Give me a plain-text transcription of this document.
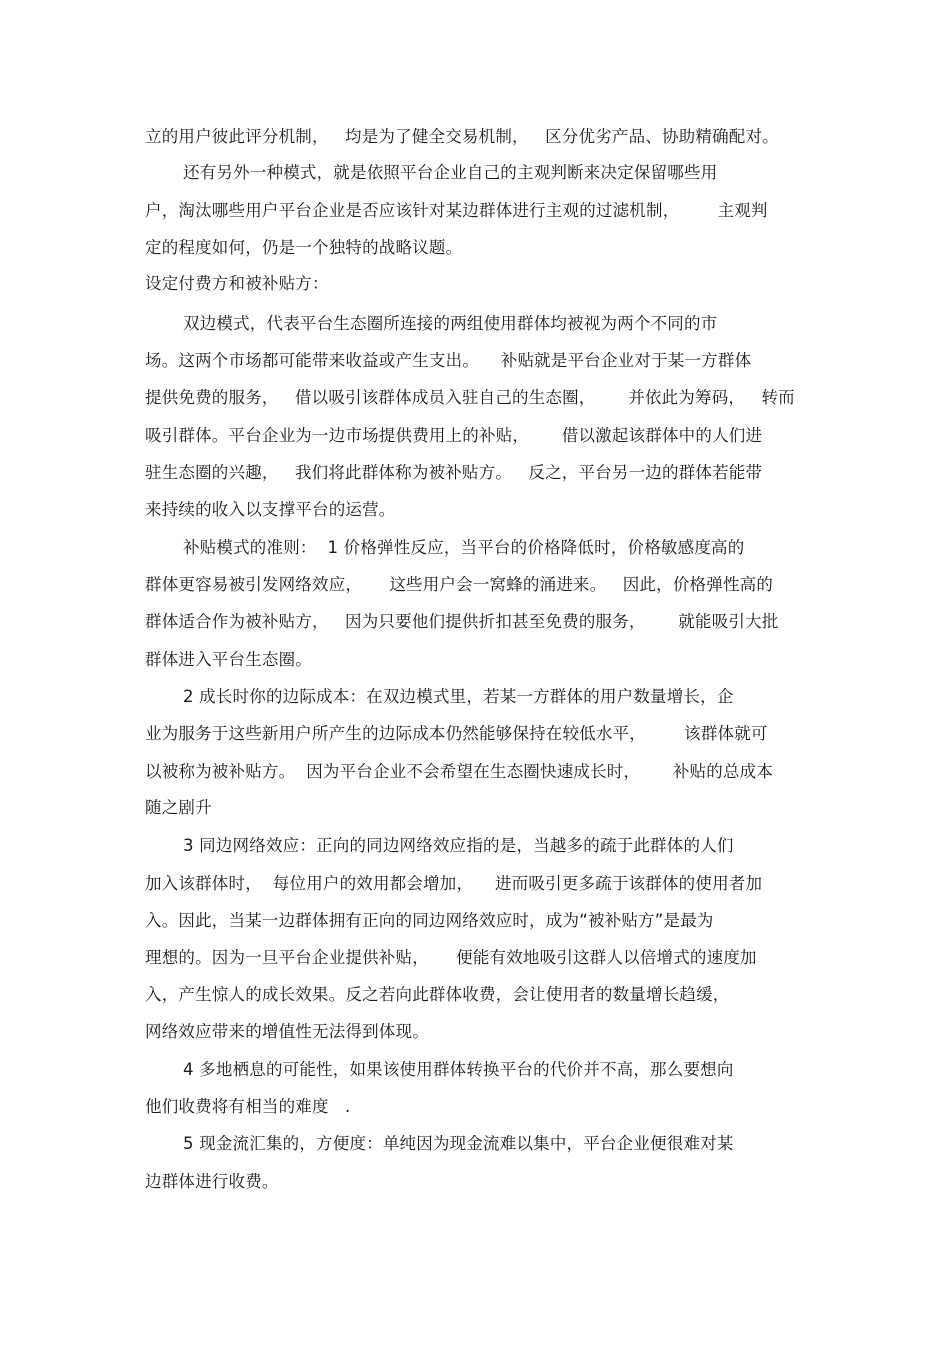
立的用户彼此评分机制，   均是为了健全交易机制，   区分优劣产品、协助精确配对。
还有另外一种模式，就是依照平台企业自己的主观判断来决定保留哪些用
户，淘汰哪些用户平台企业是否应该针对某边群体进行主观的过滤机制，       主观判
定的程度如何，仍是一个独特的战略议题。
设定付费方和被补贴方：
双边模式，代表平台生态圈所连接的两组使用群体均被视为两个不同的市
场。这两个市场都可能带来收益或产生支出。    补贴就是平台企业对于某一方群体
提供免费的服务，   借以吸引该群体成员入驻自己的生态圈，      并依此为筹码，   转而
吸引群体。平台企业为一边市场提供费用上的补贴，      借以激起该群体中的人们进
驻生态圈的兴趣，   我们将此群体称为被补贴方。   反之，平台另一边的群体若能带
来持续的收入以支撑平台的运营。
补贴模式的准则：  1 价格弹性反应，当平台的价格降低时，价格敏感度高的
群体更容易被引发网络效应，     这些用户会一窝蜂的涌进来。   因此，价格弹性高的
群体适合作为被补贴方，   因为只要他们提供折扣甚至免费的服务，      就能吸引大批
群体进入平台生态圈。
2 成长时你的边际成本：在双边模式里，若某一方群体的用户数量增长，企
业为服务于这些新用户所产生的边际成本仍然能够保持在较低水平，       该群体就可
以被称为被补贴方。  因为平台企业不会希望在生态圈快速成长时，      补贴的总成本
随之剧升
3 同边网络效应：正向的同边网络效应指的是，当越多的疏于此群体的人们
加入该群体时，  每位用户的效用都会增加，    进而吸引更多疏于该群体的使用者加
入。因此，当某一边群体拥有正向的同边网络效应时，成为“被补贴方”是最为
理想的。因为一旦平台企业提供补贴，     便能有效地吸引这群人以倍增式的速度加
入，产生惊人的成长效果。反之若向此群体收费，会让使用者的数量增长趋缓，
网络效应带来的增值性无法得到体现。
4 多地栖息的可能性，如果该使用群体转换平台的代价并不高，那么要想向
他们收费将有相当的难度   .
5 现金流汇集的，方便度：单纯因为现金流难以集中，平台企业便很难对某
边群体进行收费。
